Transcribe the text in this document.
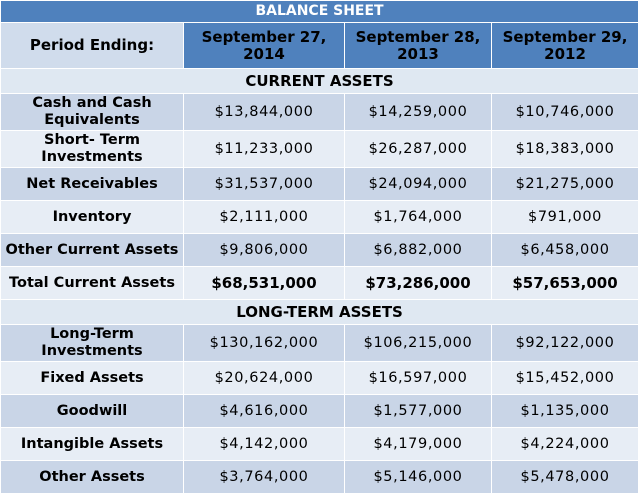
BALANCE SHEET			
Period Ending:	September 27, 2014	September 28, 2013	September 29, 2012
CURRENT ASSETS			
Cash and Cash Equivalents	$13,844,000	$14,259,000	$10,746,000
Short- Term Investments	$11,233,000	$26,287,000	$18,383,000
Net Receivables	$31,537,000	$24,094,000	$21,275,000
Inventory	$2,111,000	$1,764,000	$791,000
Other Current Assets	$9,806,000	$6,882,000	$6,458,000
Total Current Assets	$68,531,000	$73,286,000	$57,653,000
LONG-TERM ASSETS			
Long-Term Investments	$130,162,000	$106,215,000	$92,122,000
Fixed Assets	$20,624,000	$16,597,000	$15,452,000
Goodwill	$4,616,000	$1,577,000	$1,135,000
Intangible Assets	$4,142,000	$4,179,000	$4,224,000
Other Assets	$3,764,000	$5,146,000	$5,478,000
